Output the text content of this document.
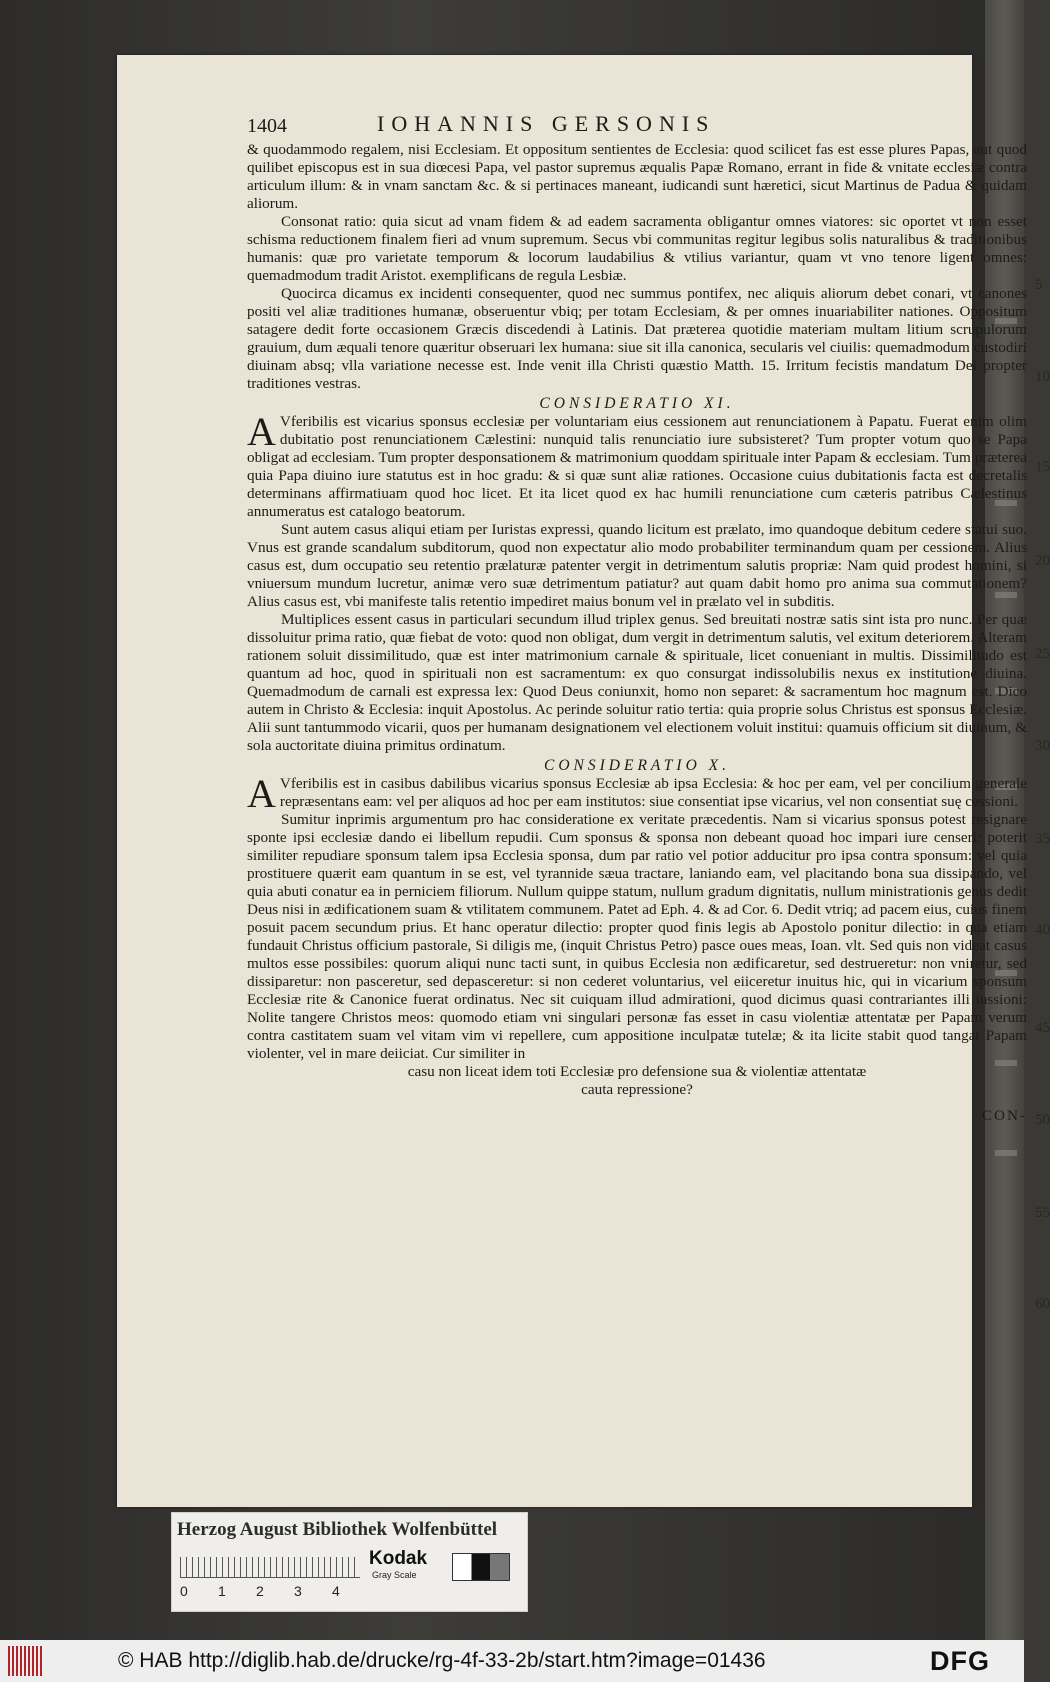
1404	IOHANNIS GERSONIS

& quodammodo regalem, nisi Ecclesiam. Et oppositum sentientes de Ecclesia: quod scilicet fas est esse plures Papas, aut quod quilibet episcopus est in sua diœcesi Papa, vel pastor supremus æqualis Papæ Romano, errant in fide & vnitate ecclesiæ contra articulum illum: & in vnam sanctam &c. & si pertinaces maneant, iudicandi sunt hæretici, sicut Martinus de Padua & quidam aliorum.

Consonat ratio: quia sicut ad vnam fidem & ad eadem sacramenta obligantur omnes viatores: sic oportet vt non esset schisma reductionem finalem fieri ad vnum supremum. Secus vbi communitas regitur legibus solis naturalibus & traditionibus humanis: quæ pro varietate temporum & locorum laudabilius & vtilius variantur, quam vt vno tenore ligent omnes: quemadmodum tradit Aristot. exemplificans de regula Lesbiæ.

Quocirca dicamus ex incidenti consequenter, quod nec summus pontifex, nec aliquis aliorum debet conari, vt canones positi vel aliæ traditiones humanæ, obseruentur vbiq; per totam Ecclesiam, & per omnes inuariabiliter nationes. Oppositum satagere dedit forte occasionem Græcis discedendi à Latinis. Dat præterea quotidie materiam multam litium scrupulorum grauium, dum æquali tenore quæritur obseruari lex humana: siue sit illa canonica, secularis vel ciuilis: quemadmodum custodiri diuinam absq; vlla variatione necesse est. Inde venit illa Christi quæstio Matth. 15. Irritum fecistis mandatum Dei propter traditiones vestras.

CONSIDERATIO XI.

A Vferibilis est vicarius sponsus ecclesiæ per voluntariam eius cessionem aut renunciationem à Papatu. Fuerat enim olim dubitatio post renunciationem Cælestini: nunquid talis renunciatio iure subsisteret? Tum propter votum quo se Papa obligat ad ecclesiam. Tum propter desponsationem & matrimonium quoddam spirituale inter Papam & ecclesiam. Tum præterea quia Papa diuino iure statutus est in hoc gradu: & si quæ sunt aliæ rationes. Occasione cuius dubitationis facta est decretalis determinans affirmatiuam quod hoc licet. Et ita licet quod ex hac humili renunciatione cum cæteris patribus Cælestinus annumeratus est catalogo beatorum.

Sunt autem casus aliqui etiam per Iuristas expressi, quando licitum est prælato, imo quandoque debitum cedere statui suo. Vnus est grande scandalum subditorum, quod non expectatur alio modo probabiliter terminandum quam per cessionem. Alius casus est, dum occupatio seu retentio prælaturæ patenter vergit in detrimentum salutis propriæ: Nam quid prodest homini, si vniuersum mundum lucretur, animæ vero suæ detrimentum patiatur? aut quam dabit homo pro anima sua commutationem? Alius casus est, vbi manifeste talis retentio impediret maius bonum vel in prælato vel in subditis.

Multiplices essent casus in particulari secundum illud triplex genus. Sed breuitati nostræ satis sint ista pro nunc. Per quæ dissoluitur prima ratio, quæ fiebat de voto: quod non obligat, dum vergit in detrimentum salutis, vel exitum deteriorem. Alteram rationem soluit dissimilitudo, quæ est inter matrimonium carnale & spirituale, licet conueniant in multis. Dissimilitudo est quantum ad hoc, quod in spirituali non est sacramentum: ex quo consurgat indissolubilis nexus ex institutione diuina. Quemadmodum de carnali est expressa lex: Quod Deus coniunxit, homo non separet: & sacramentum hoc magnum est. Dico autem in Christo & Ecclesia: inquit Apostolus. Ac perinde soluitur ratio tertia: quia proprie solus Christus est sponsus Ecclesiæ. Alii sunt tantummodo vicarii, quos per humanam designationem vel electionem voluit institui: quamuis officium sit diuinum, & sola auctoritate diuina primitus ordinatum.

CONSIDERATIO X.

A Vferibilis est in casibus dabilibus vicarius sponsus Ecclesiæ ab ipsa Ecclesia: & hoc per eam, vel per concilium generale repræsentans eam: vel per aliquos ad hoc per eam institutos: siue consentiat ipse vicarius, vel non consentiat suę cessioni.

Sumitur inprimis argumentum pro hac consideratione ex veritate præcedentis. Nam si vicarius sponsus potest resignare sponte ipsi ecclesiæ dando ei libellum repudii. Cum sponsus & sponsa non debeant quoad hoc impari iure censeri: poterit similiter repudiare sponsum talem ipsa Ecclesia sponsa, dum par ratio vel potior adducitur pro ipsa contra sponsum: vel quia prostituere quærit eam quantum in se est, vel tyrannide sæua tractare, laniando eam, vel placitando bona sua dissipando, vel quia abuti conatur ea in perniciem filiorum. Nullum quippe statum, nullum gradum dignitatis, nullum ministrationis genus dedit Deus nisi in ædificationem suam & vtilitatem communem. Patet ad Eph. 4. & ad Cor. 6. Dedit vtriq; ad pacem eius, cuius finem posuit pacem secundum prius. Et hanc operatur dilectio: propter quod finis legis ab Apostolo ponitur dilectio: in qua etiam fundauit Christus officium pastorale, Si diligis me, (inquit Christus Petro) pasce oues meas, Ioan. vlt. Sed quis non videat casus multos esse possibiles: quorum aliqui nunc tacti sunt, in quibus Ecclesia non ædificaretur, sed destrueretur: non vniretur, sed dissiparetur: non pasceretur, sed depasceretur: si non cederet voluntarius, vel eiiceretur inuitus hic, qui in vicarium sponsum Ecclesiæ rite & Canonice fuerat ordinatus. Nec sit cuiquam illud admirationi, quod dicimus quasi contrariantes illi iussioni: Nolite tangere Christos meos: quomodo etiam vni singulari personæ fas esset in casu violentiæ attentatæ per Papam verum contra castitatem suam vel vitam vim vi repellere, cum appositione inculpatæ tutelæ; & ita licite stabit quod tangat Papam violenter, vel in mare deiiciat. Cur similiter in

casu non liceat idem toti Ecclesiæ pro defensione sua & violentiæ attentatæ

cauta repressione?

CON-

5
10
15
20
25
30
35
40
45
50
55
60
Herzog August Bibliothek Wolfenbüttel
0 1 2 3 4
Kodak
Gray Scale
© HAB http://diglib.hab.de/drucke/rg-4f-33-2b/start.htm?image=01436	DFG
